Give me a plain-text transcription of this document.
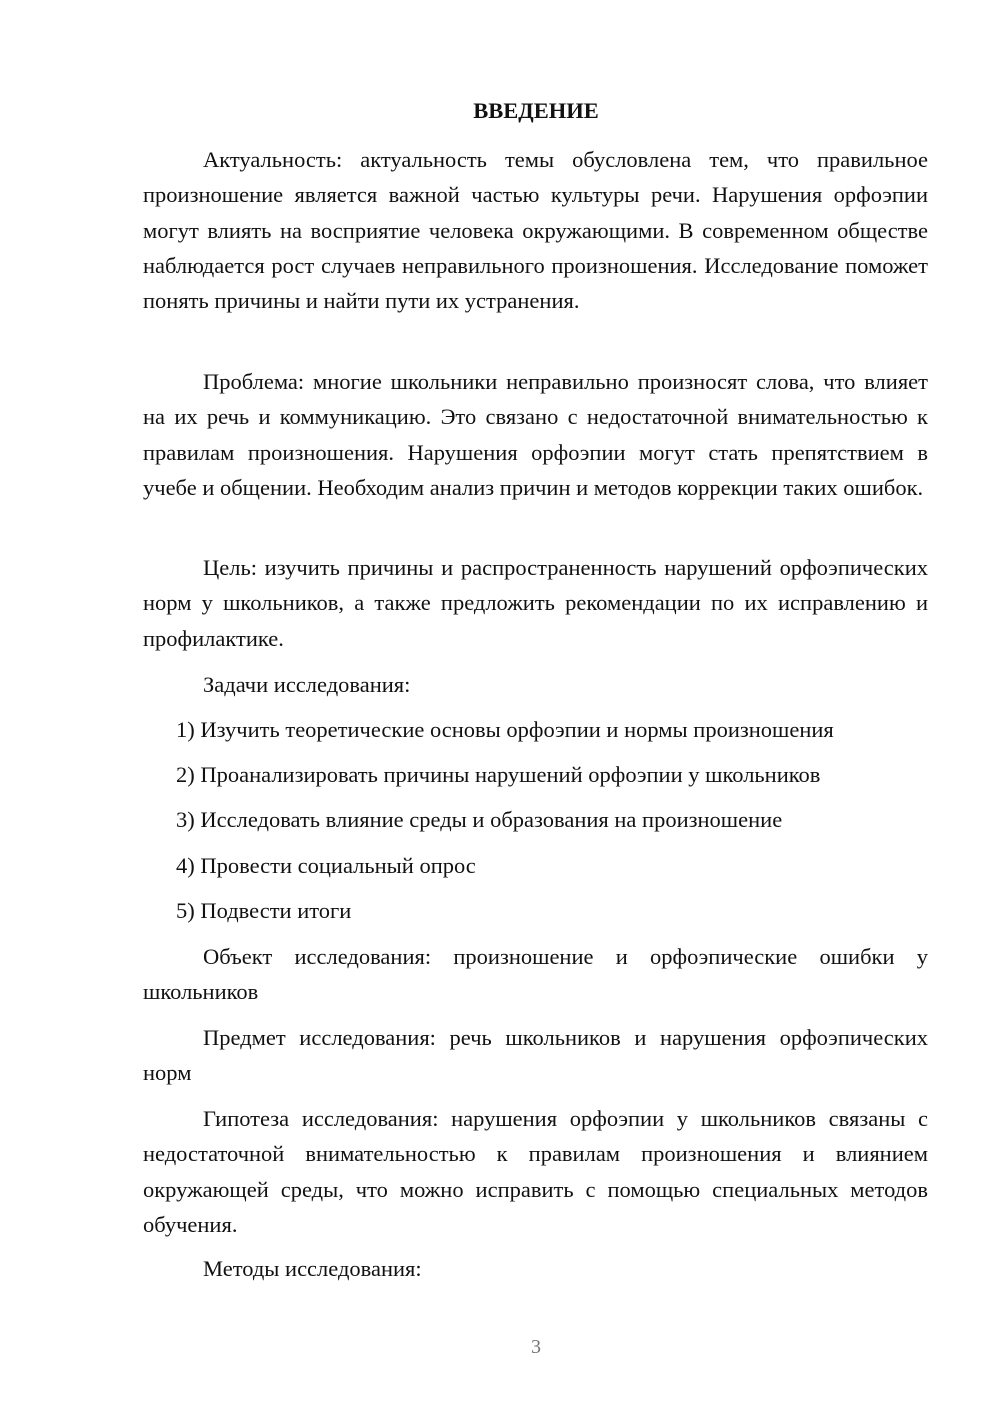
ВВЕДЕНИЕ

Актуальность: актуальность темы обусловлена тем, что правильное произношение является важной частью культуры речи. Нарушения орфоэпии могут влиять на восприятие человека окружающими. В современном обществе наблюдается рост случаев неправильного произношения. Исследование поможет понять причины и найти пути их устранения.

Проблема: многие школьники неправильно произносят слова, что влияет на их речь и коммуникацию. Это связано с недостаточной внимательностью к правилам произношения. Нарушения орфоэпии могут стать препятствием в учебе и общении. Необходим анализ причин и методов коррекции таких ошибок.

Цель: изучить причины и распространенность нарушений орфоэпических норм у школьников, а также предложить рекомендации по их исправлению и профилактике.

Задачи исследования:

1) Изучить теоретические основы орфоэпии и нормы произношения
2) Проанализировать причины нарушений орфоэпии у школьников
3) Исследовать влияние среды и образования на произношение
4) Провести социальный опрос
5) Подвести итоги

Объект исследования: произношение и орфоэпические ошибки у школьников

Предмет исследования: речь школьников и нарушения орфоэпических норм

Гипотеза исследования: нарушения орфоэпии у школьников связаны с недостаточной внимательностью к правилам произношения и влиянием окружающей среды, что можно исправить с помощью специальных методов обучения.

Методы исследования:

3
